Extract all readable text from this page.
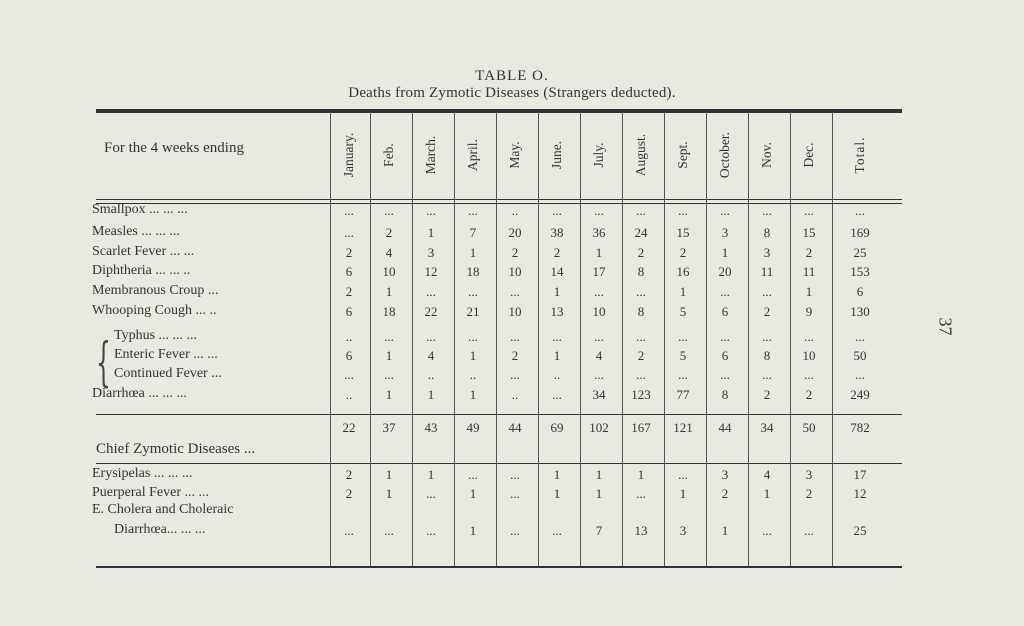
TABLE O.
Deaths from Zymotic Diseases (Strangers deducted).
For the 4 weeks ending
37
{
January. Feb. March. April. May. June. July. August. Sept. October. Nov. Dec.	Total.
Smallpox ... ... ...	...	...	...	...	..	...	...	...	...	...	...	...	...
Measles ... ... ...	...	2	1	7	20	38	36	24	15	3	8	15	169
Scarlet Fever ... ...	2	4	3	1	2	2	1	2	2	1	3	2	25
Diphtheria ... ... ..	6	10	12	18	10	14	17	8	16	20	11	11	153
Membranous Croup ...	2	1	...	...	...	1	...	...	1	...	...	1	6
Whooping Cough ... ..	6	18	22	21	10	13	10	8	5	6	2	9	130
Typhus ... ... ...	..	...	...	...	...	...	...	...	...	...	...	...	...
Enteric Fever ... ...	6	1	4	1	2	1	4	2	5	6	8	10	50
Continued Fever ...	...	...	..	..	...	..	...	...	...	...	...	...	...
Diarrhœa ... ... ...	..	1	1	1	..	...	34	123	77	8	2	2	249
22	37	43	49	44	69	102	167	121	44	34	50	782
Chief Zymotic Diseases ...
Erysipelas ... ... ...	2	1	1	...	...	1	1	1	...	3	4	3	17
Puerperal Fever ... ...	2	1	...	1	...	1	1	...	1	2	1	2	12
E. Cholera and Choleraic
Diarrhœa... ... ...	...	...	...	1	...	...	7	13	3	1	...	...	25
